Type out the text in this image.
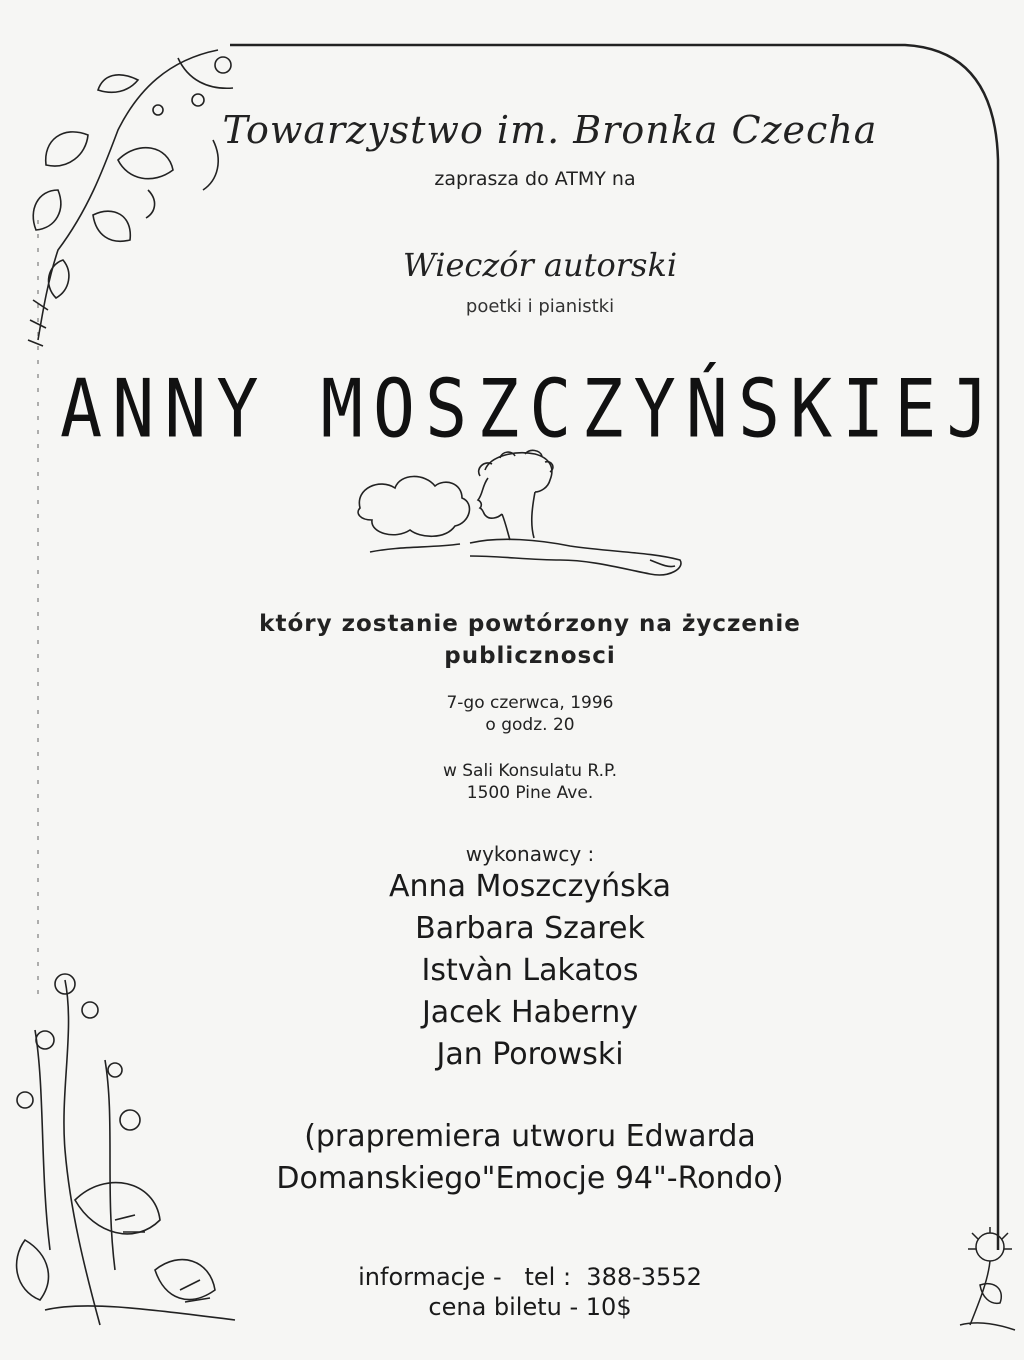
Towarzystwo im. Bronka Czecha
zaprasza do ATMY na
Wieczór autorski
poetki i pianistki
ANNY MOSZCZYŃSKIEJ
który zostanie powtórzony na życzenie
publicznosci
7-go czerwca, 1996
o godz. 20
w Sali Konsulatu R.P.
1500 Pine Ave.
wykonawcy :
Anna Moszczyńska
Barbara Szarek
Istvàn Lakatos
Jacek Haberny
Jan Porowski
(prapremiera utworu Edwarda
Domanskiego"Emocje 94"-Rondo)
informacje -   tel :  388-3552
cena biletu - 10$
